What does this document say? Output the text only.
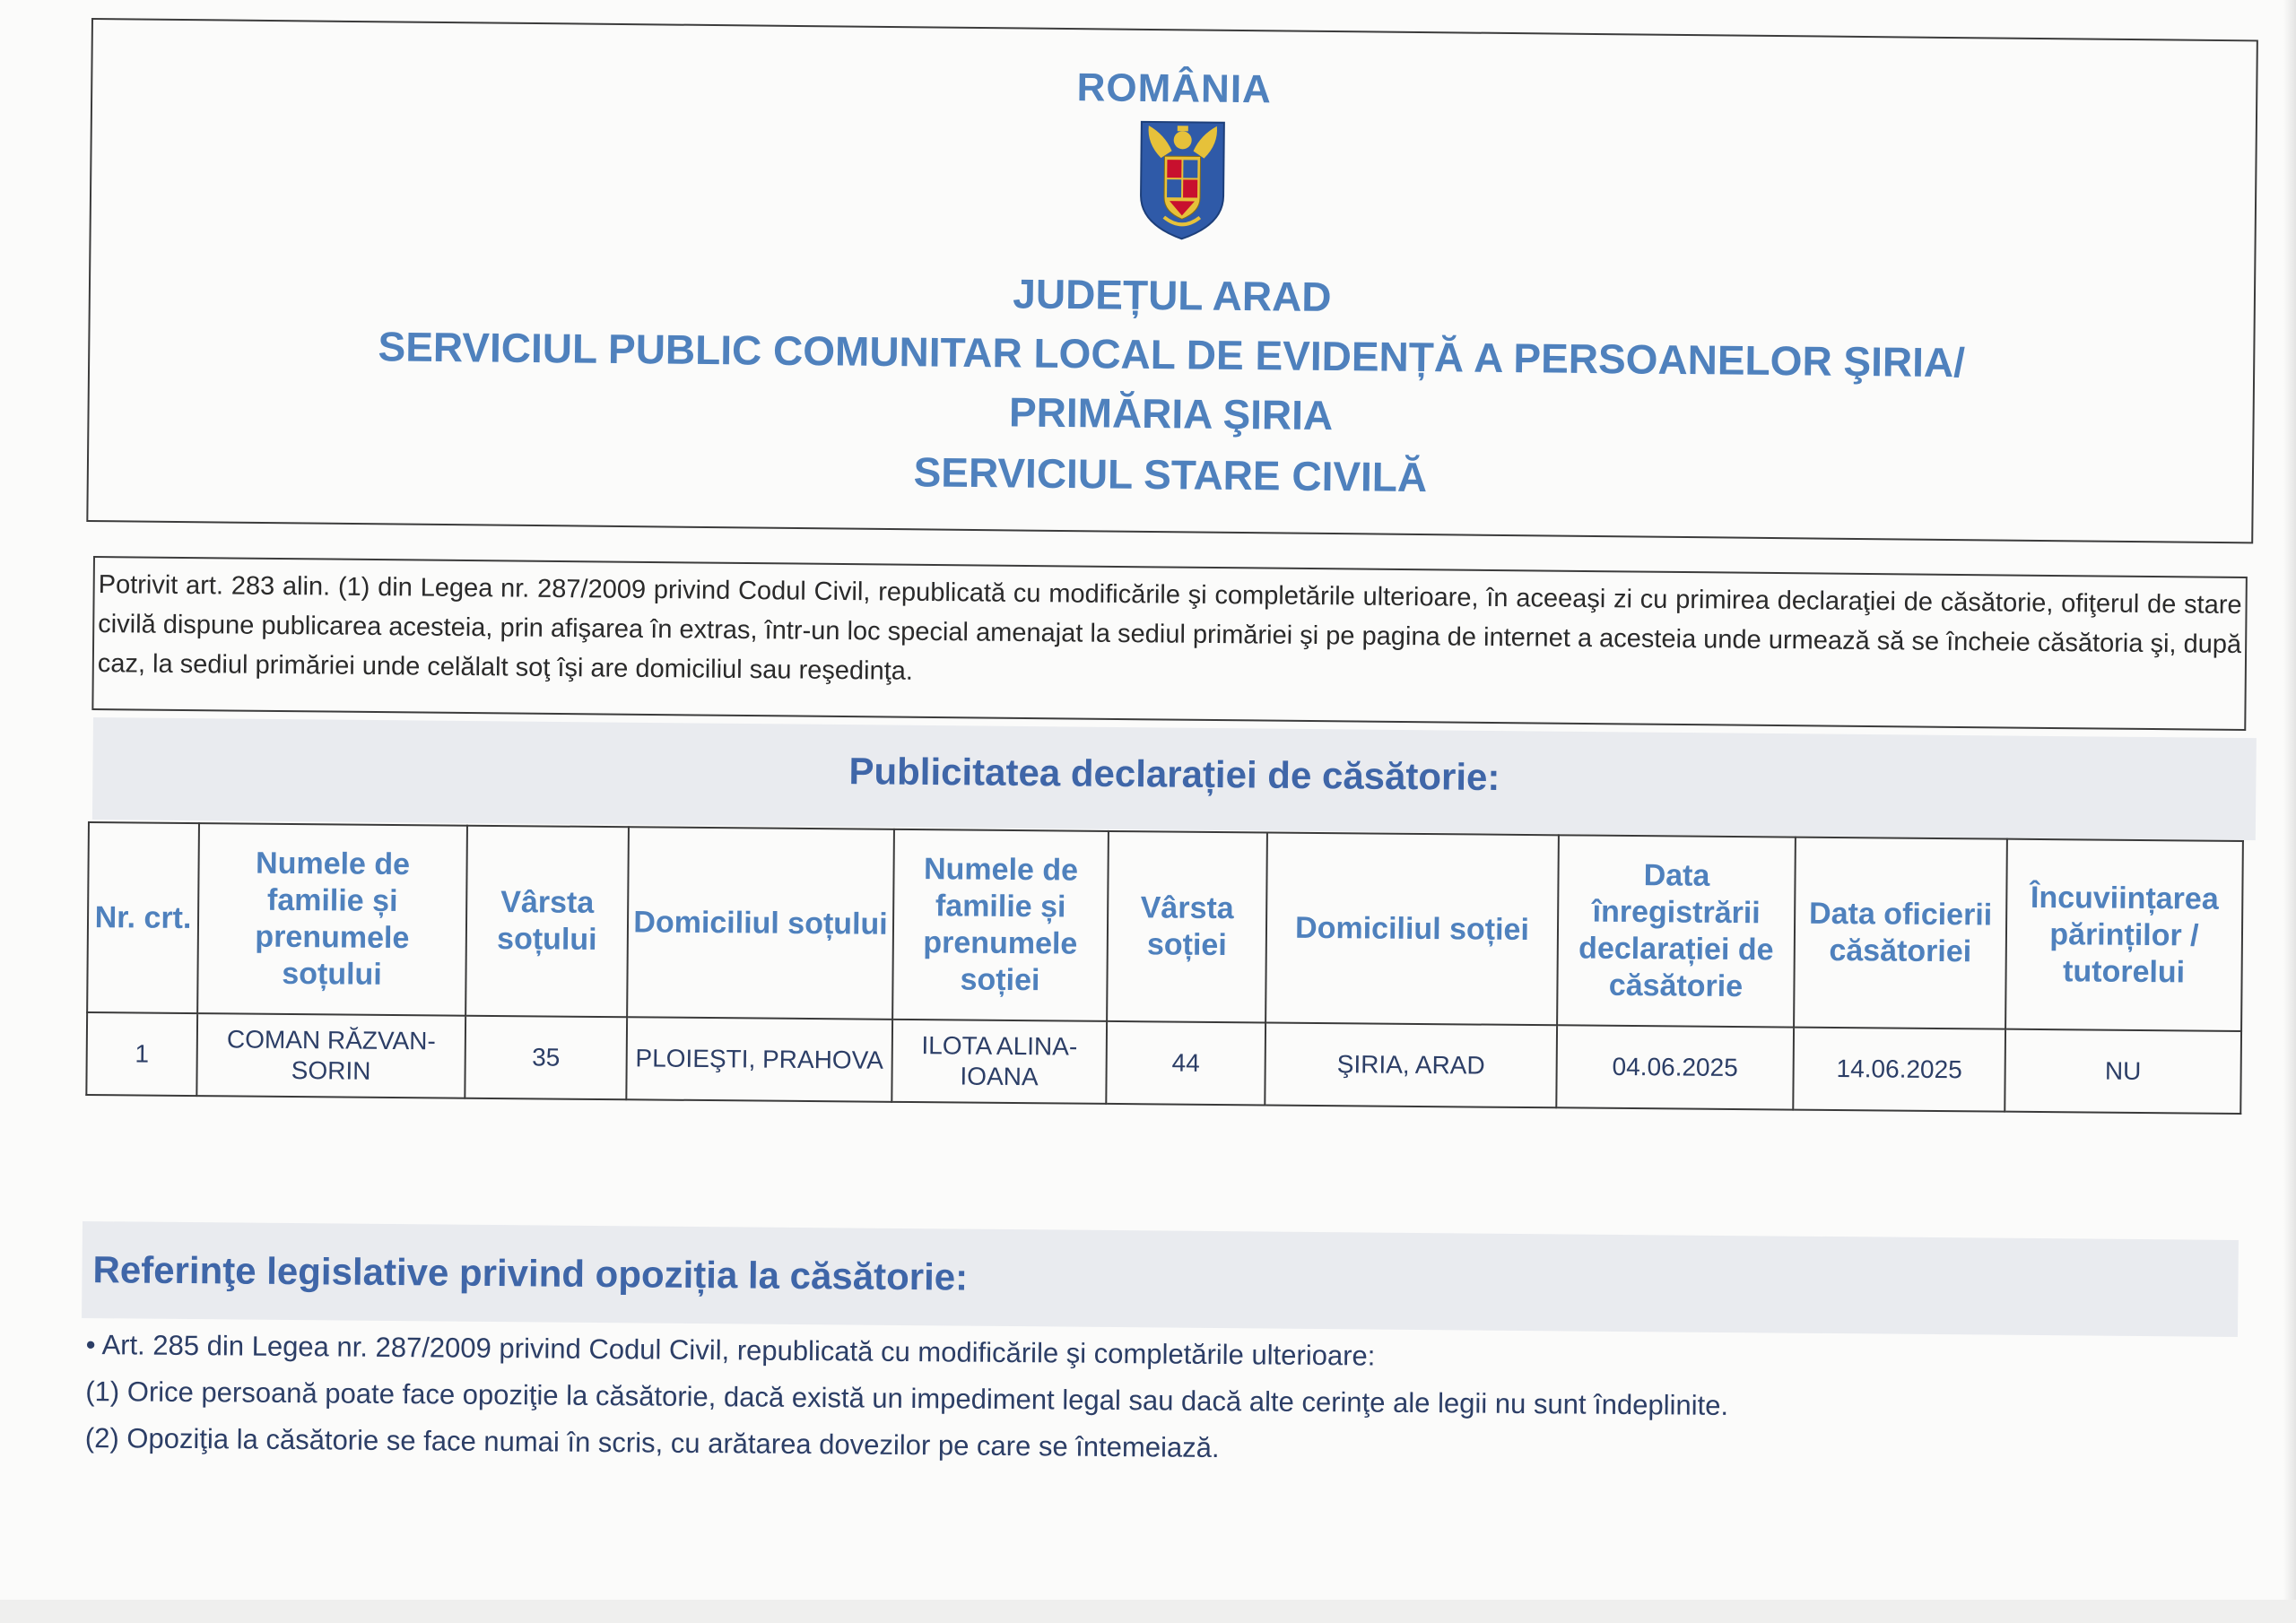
ROMÂNIA
JUDEȚUL ARAD
SERVICIUL PUBLIC COMUNITAR LOCAL DE EVIDENȚĂ A PERSOANELOR ŞIRIA/
PRIMĂRIA ŞIRIA
SERVICIUL STARE CIVILĂ
Potrivit art. 283 alin. (1) din Legea nr. 287/2009 privind Codul Civil, republicată cu modificările şi completările ulterioare, în aceeaşi zi cu primirea declaraţiei de căsătorie, ofiţerul de stare civilă dispune publicarea acesteia, prin afişarea în extras, într-un loc special amenajat la sediul primăriei şi pe pagina de internet a acesteia unde urmează să se încheie căsătoria şi, după caz, la sediul primăriei unde celălalt soţ îşi are domiciliul sau reşedinţa.
Publicitatea declarației de căsătorie:
Nr. crt.	Numele de familie și prenumele soțului	Vârsta soțului	Domiciliul soțului	Numele de familie și prenumele soției	Vârsta soției	Domiciliul soției	Data înregistrării declarației de căsătorie	Data oficierii căsătoriei	Încuviințarea părinților / tutorelui
1	COMAN RĂZVAN-SORIN	35	PLOIEŞTI, PRAHOVA	ILOTA ALINA-IOANA	44	ŞIRIA, ARAD	04.06.2025	14.06.2025	NU
Referinţe legislative privind opoziția la căsătorie:
• Art. 285 din Legea nr. 287/2009 privind Codul Civil, republicată cu modificările şi completările ulterioare:
(1) Orice persoană poate face opoziţie la căsătorie, dacă există un impediment legal sau dacă alte cerinţe ale legii nu sunt îndeplinite.
(2) Opoziţia la căsătorie se face numai în scris, cu arătarea dovezilor pe care se întemeiază.
